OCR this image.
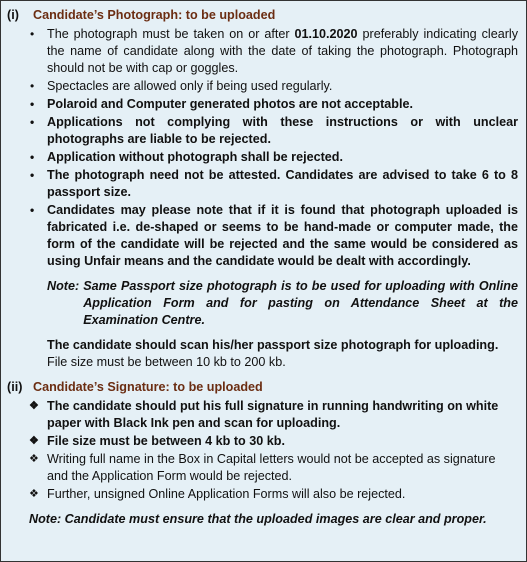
(i)	Candidate’s Photograph: to be uploaded
• The photograph must be taken on or after 01.10.2020 preferably indicating clearly the name of candidate along with the date of taking the photograph. Photograph should not be with cap or goggles.
• Spectacles are allowed only if being used regularly.
• Polaroid and Computer generated photos are not acceptable.
• Applications not complying with these instructions or with unclear photographs are liable to be rejected.
• Application without photograph shall be rejected.
• The photograph need not be attested. Candidates are advised to take 6 to 8 passport size.
• Candidates may please note that if it is found that photograph uploaded is fabricated i.e. de-shaped or seems to be hand-made or computer made, the form of the candidate will be rejected and the same would be considered as using Unfair means and the candidate would be dealt with accordingly.
Note: Same Passport size photograph is to be used for uploading with Online Application Form and for pasting on Attendance Sheet at the Examination Centre.
The candidate should scan his/her passport size photograph for uploading. File size must be between 10 kb to 200 kb.
(ii) Candidate’s Signature: to be uploaded
❖ The candidate should put his full signature in running handwriting on white paper with Black Ink pen and scan for uploading.
❖ File size must be between 4 kb to 30 kb.
❖ Writing full name in the Box in Capital letters would not be accepted as signature and the Application Form would be rejected.
❖ Further, unsigned Online Application Forms will also be rejected.
Note: Candidate must ensure that the uploaded images are clear and proper.
